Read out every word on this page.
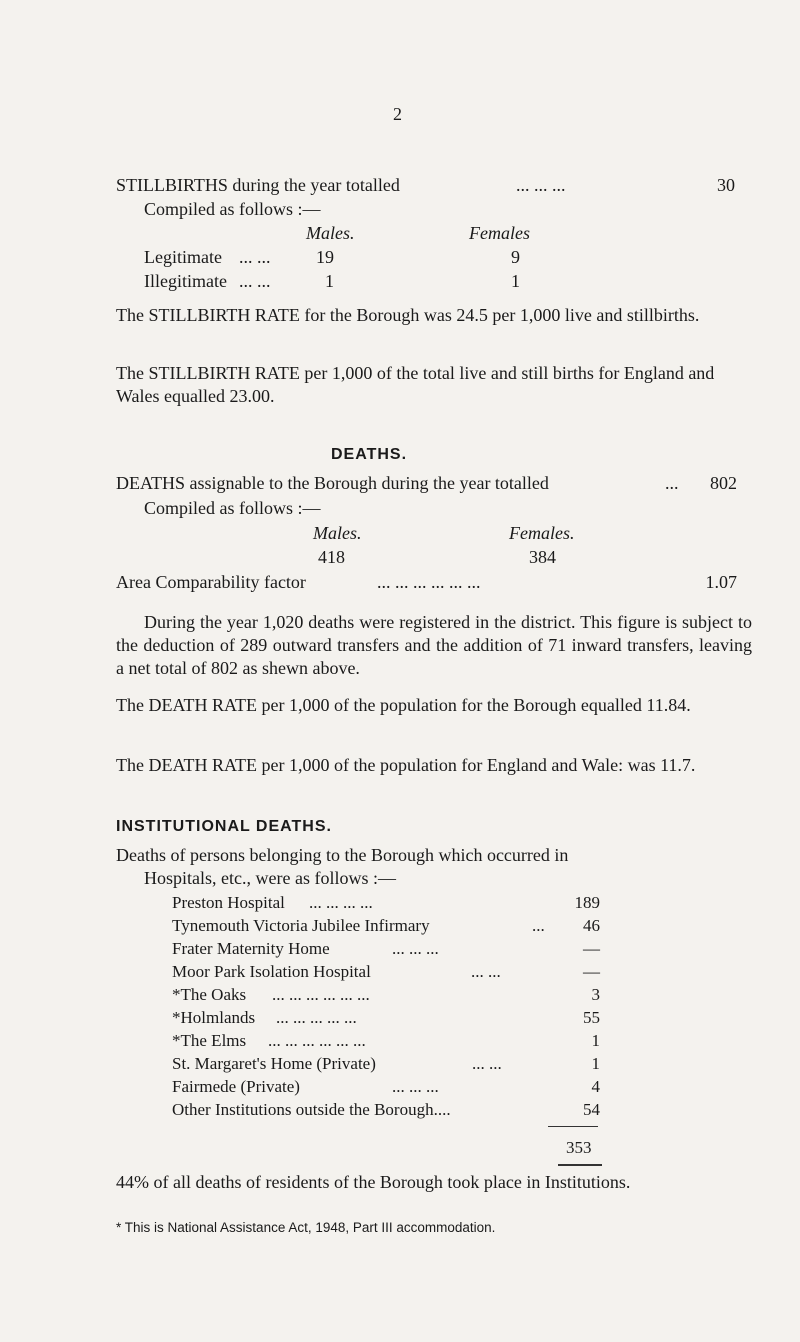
2
STILLBIRTHS during the year totalled	... ... ...	30
Compiled as follows :—
Males.	Females
Legitimate ... ...	19	9
Illegitimate ... ...	1	1
The STILLBIRTH RATE for the Borough was 24.5 per 1,000 live and stillbirths.
The STILLBIRTH RATE per 1,000 of the total live and still births for England and Wales equalled 23.00.
DEATHS.
DEATHS assignable to the Borough during the year totalled	... 802
Compiled as follows :—
Males.	Females.
418	384
Area Comparability factor	... ... ... ... ... ...	1.07
During the year 1,020 deaths were registered in the district. This figure is subject to the deduction of 289 outward transfers and the addition of 71 inward transfers, leaving a net total of 802 as shewn above.
The DEATH RATE per 1,000 of the population for the Borough equalled 11.84.
The DEATH RATE per 1,000 of the population for England and Wale: was 11.7.
INSTITUTIONAL DEATHS.
Deaths of persons belonging to the Borough which occurred in
Hospitals, etc., were as follows :—
Preston Hospital ... ... ... ...	189
Tynemouth Victoria Jubilee Infirmary	...	46
Frater Maternity Home	... ... ...	—
Moor Park Isolation Hospital	... ...	—
*The Oaks ... ... ... ... ... ...	3
*Holmlands ... ... ... ... ...	55
*The Elms ... ... ... ... ... ...	1
St. Margaret's Home (Private)	... ...	1
Fairmede (Private)	... ... ...	4
Other Institutions outside the Borough....	54
353
44% of all deaths of residents of the Borough took place in Institutions.
* This is National Assistance Act, 1948, Part III accommodation.
